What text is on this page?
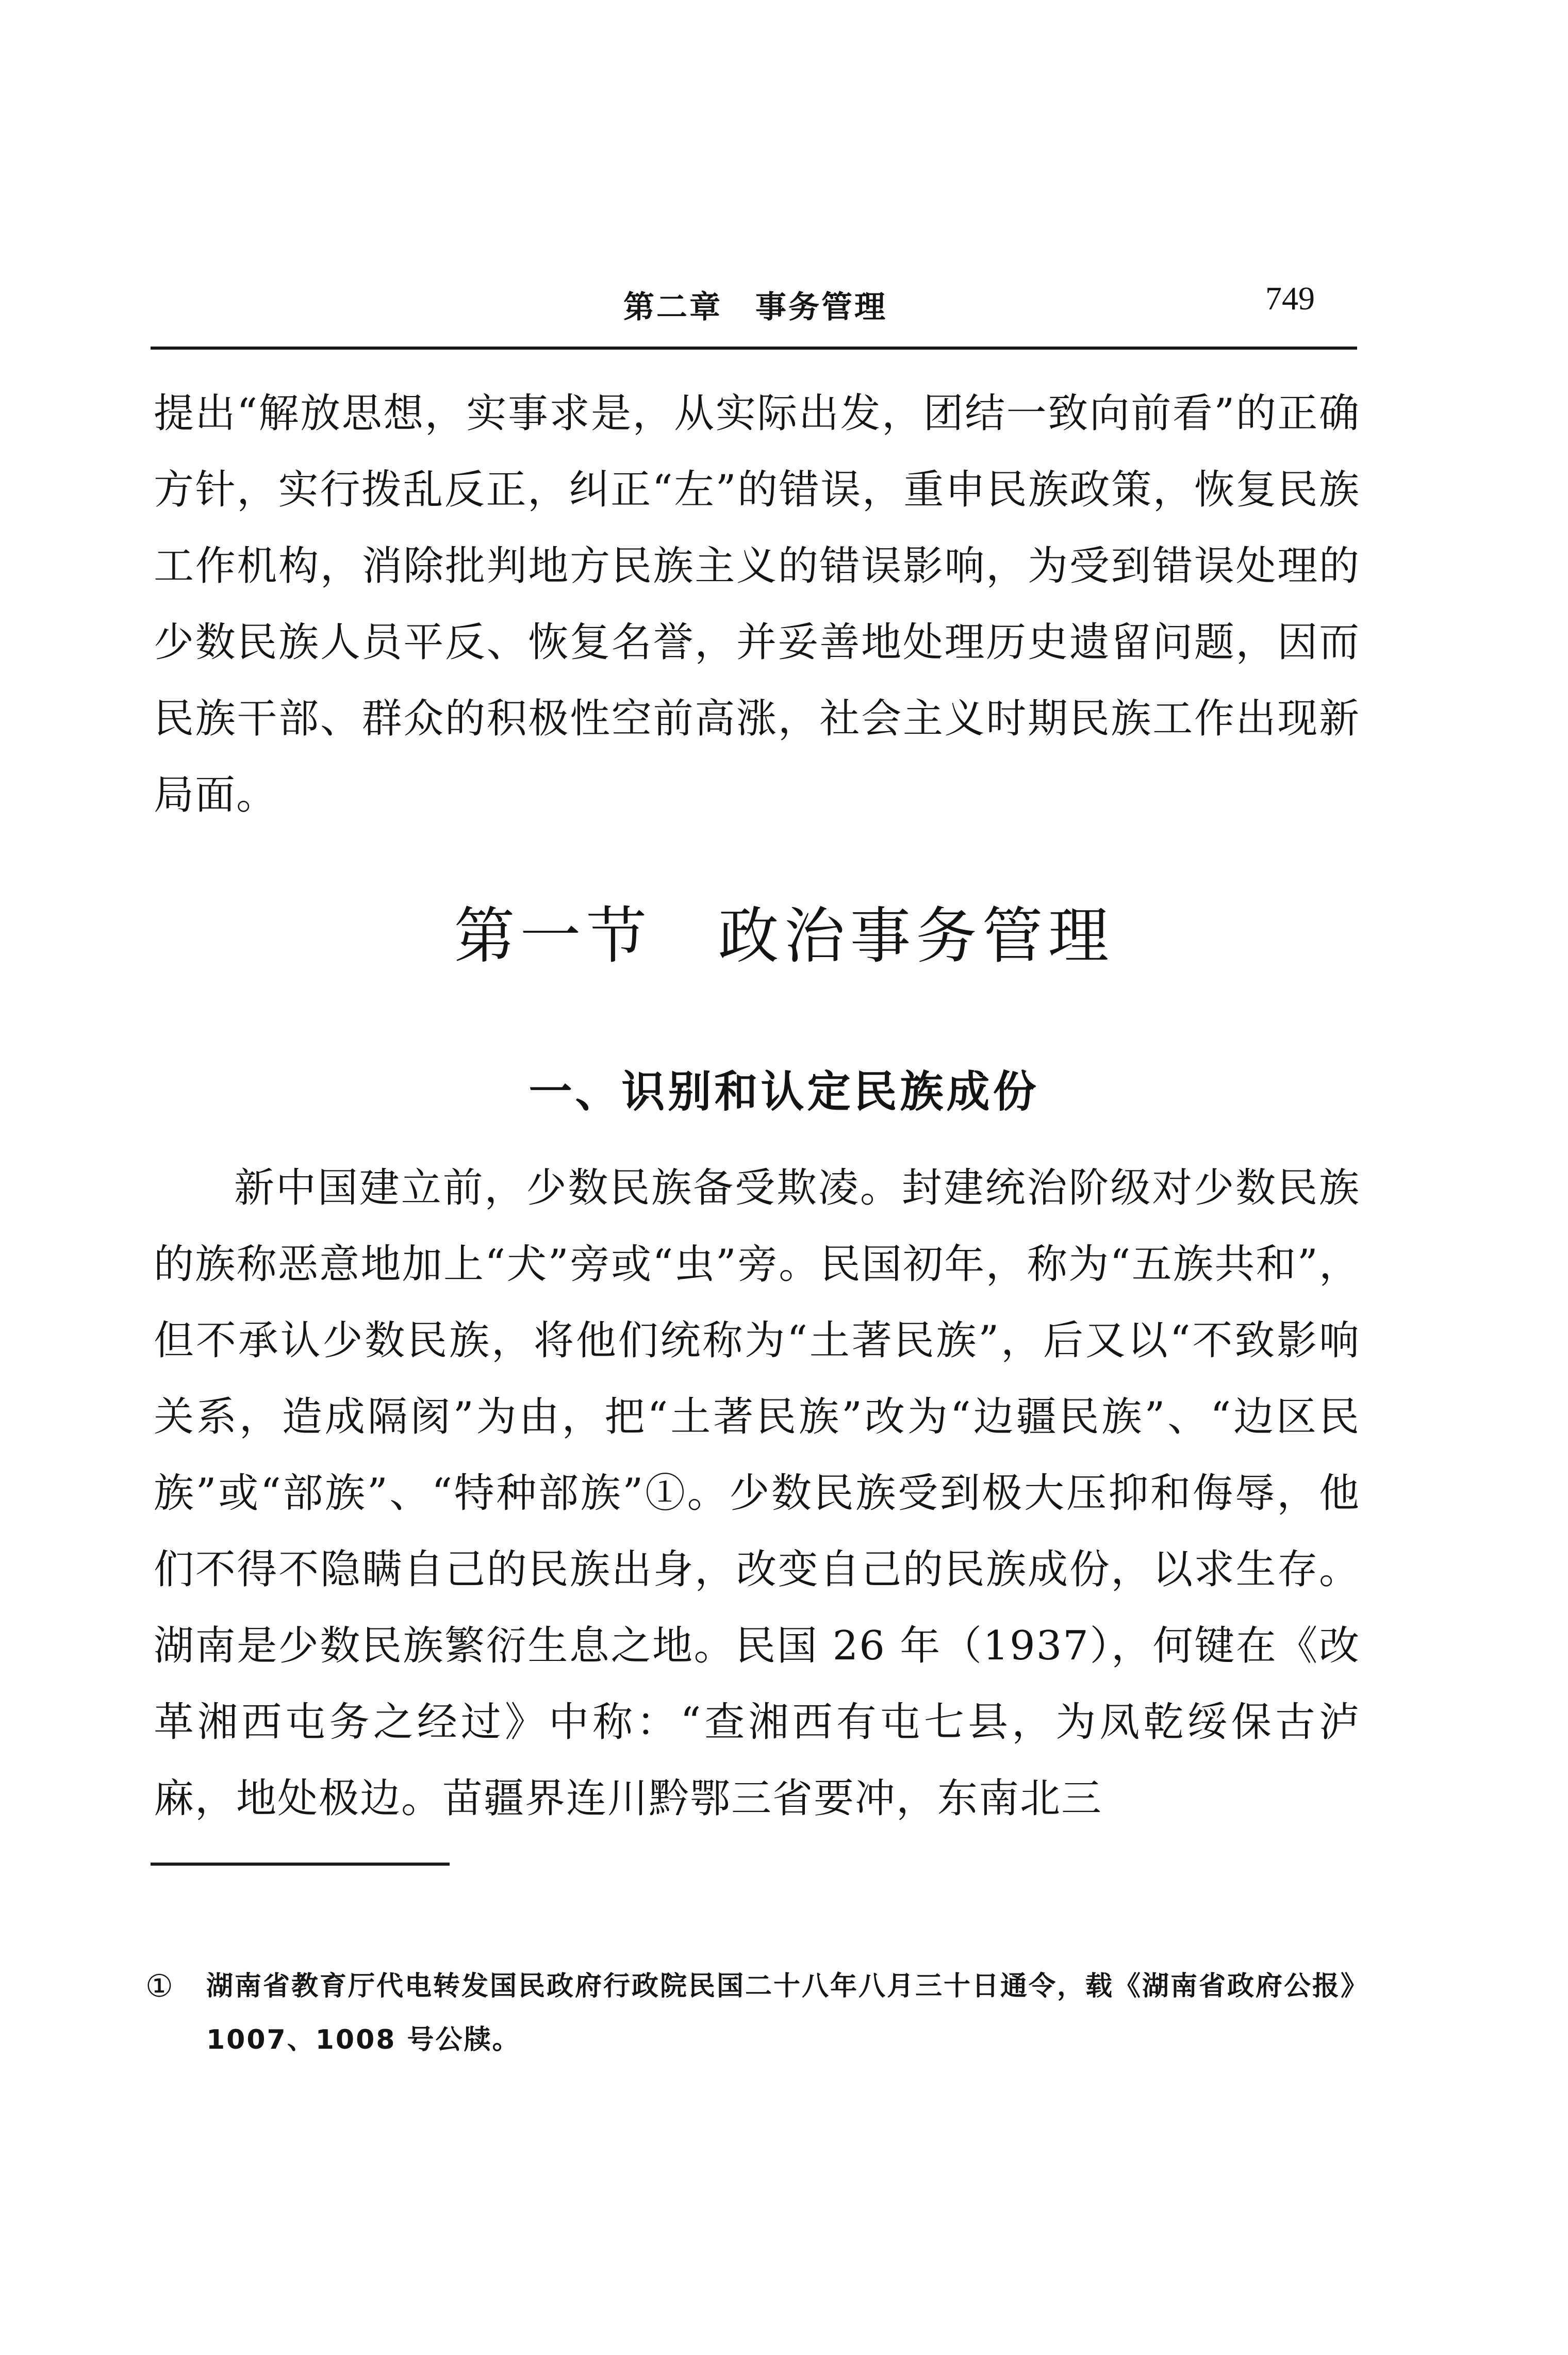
第二章　事务管理	749
提出“解放思想，实事求是，从实际出发，团结一致向前看”的正确方针，实行拨乱反正，纠正“左”的错误，重申民族政策，恢复民族工作机构，消除批判地方民族主义的错误影响，为受到错误处理的少数民族人员平反、恢复名誉，并妥善地处理历史遗留问题，因而民族干部、群众的积极性空前高涨，社会主义时期民族工作出现新局面。
第一节　政治事务管理
一、识别和认定民族成份
新中国建立前，少数民族备受欺凌。封建统治阶级对少数民族的族称恶意地加上“犬”旁或“虫”旁。民国初年，称为“五族共和”，但不承认少数民族，将他们统称为“土著民族”，后又以“不致影响关系，造成隔阂”为由，把“土著民族”改为“边疆民族”、“边区民族”或“部族”、“特种部族”①。少数民族受到极大压抑和侮辱，他们不得不隐瞒自己的民族出身，改变自己的民族成份，以求生存。湖南是少数民族繁衍生息之地。民国 26 年（1937），何键在《改革湘西屯务之经过》中称：“查湘西有屯七县，为凤乾绥保古泸麻，地处极边。苗疆界连川黔鄂三省要冲，东南北三
① 湖南省教育厅代电转发国民政府行政院民国二十八年八月三十日通令，载《湖南省政府公报》1007、1008 号公牍。
